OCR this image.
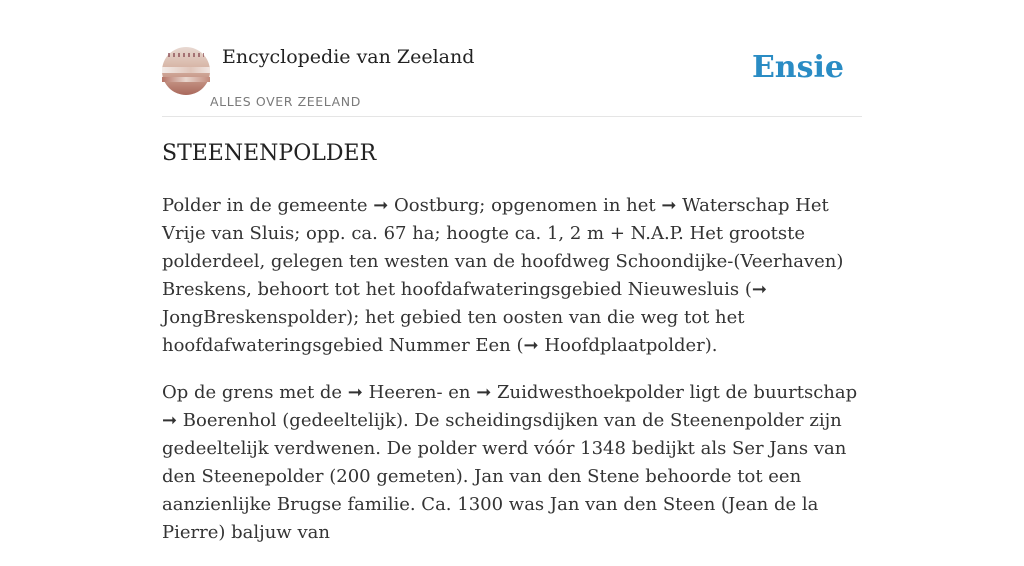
Encyclopedie van Zeeland
ALLES OVER ZEELAND
Ensie
STEENENPOLDER

Polder in de gemeente ➞ Oostburg; opgenomen in het ➞ Waterschap Het Vrije van Sluis; opp. ca. 67 ha; hoogte ca. 1, 2 m + N.A.P. Het grootste polderdeel, gelegen ten westen van de hoofdweg Schoondijke-(Veerhaven) Breskens, behoort tot het hoofdafwateringsgebied Nieuwesluis (➞ JongBreskenspolder); het gebied ten oosten van die weg tot het hoofdafwateringsgebied Nummer Een (➞ Hoofdplaatpolder).

Op de grens met de ➞ Heeren- en ➞ Zuidwesthoekpolder ligt de buurtschap ➞ Boerenhol (gedeeltelijk). De scheidingsdijken van de Steenenpolder zijn gedeeltelijk verdwenen. De polder werd vóór 1348 bedijkt als Ser Jans van den Steenepolder (200 gemeten). Jan van den Stene behoorde tot een aanzienlijke Brugse familie. Ca. 1300 was Jan van den Steen (Jean de la Pierre) baljuw van
